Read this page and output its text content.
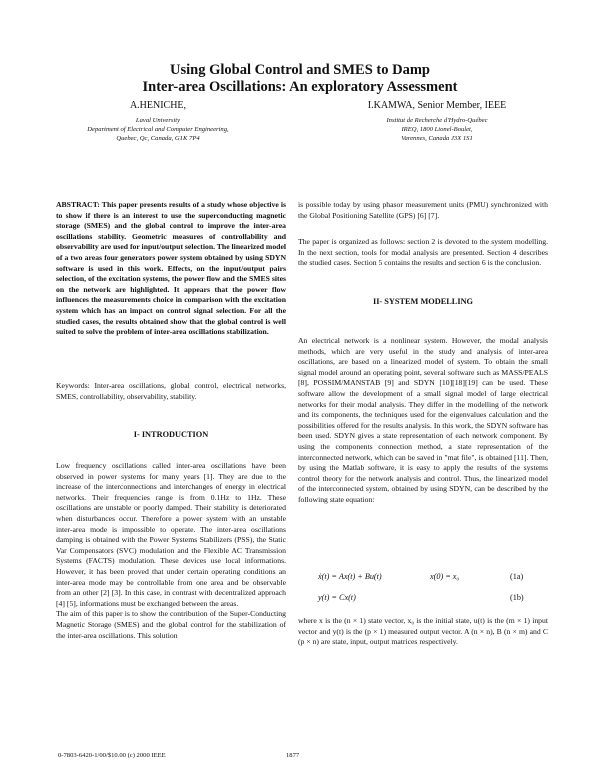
Using Global Control and SMES to Damp
Inter-area Oscillations: An exploratory Assessment
A.HENICHE,
Laval University
Department of Electrical and Computer Engineering,
Quebec, Qc, Canada, G1K 7P4
I.KAMWA, Senior Member, IEEE
Institut de Recherche d'Hydro-Québec
IREQ, 1800 Lionel-Boulet,
Varennes, Canada J3X 1S1

ABSTRACT: This paper presents results of a study whose objective is to show if there is an interest to use the superconducting magnetic storage (SMES) and the global control to improve the inter-area oscillations stability. Geometric measures of controllability and observability are used for input/output selection. The linearized model of a two areas four generators power system obtained by using SDYN software is used in this work. Effects, on the input/output pairs selection, of the excitation systems, the power flow and the SMES sites on the network are highlighted. It appears that the power flow influences the measurements choice in comparison with the excitation system which has an impact on control signal selection. For all the studied cases, the results obtained show that the global control is well suited to solve the problem of inter-area oscillations stabilization.

Keywords: Inter-area oscillations, global control, electrical networks, SMES, controllability, observability, stability.

I- INTRODUCTION

Low frequency oscillations called inter-area oscillations have been observed in power systems for many years [1]. They are due to the increase of the interconnections and interchanges of energy in electrical networks. Their frequencies range is from 0.1Hz to 1Hz. These oscillations are unstable or poorly damped. Their stability is deteriorated when disturbances occur. Therefore a power system with an unstable inter-area mode is impossible to operate. The inter-area oscillations damping is obtained with the Power Systems Stabilizers (PSS), the Static Var Compensators (SVC) modulation and the Flexible AC Transmission Systems (FACTS) modulation. These devices use local informations. However, it has been proved that under certain operating conditions an inter-area mode may be controllable from one area and be observable from an other [2] [3]. In this case, in contrast with decentralized approach [4] [5], informations must be exchanged between the areas.

The aim of this paper is to show the contribution of the Super-Conducting Magnetic Storage (SMES) and the global control for the stabilization of the inter-area oscillations. This solution

is possible today by using phasor measurement units (PMU) synchronized with the Global Positioning Satellite (GPS) [6] [7].

The paper is organized as follows: section 2 is devoted to the system modelling. In the next section, tools for modal analysis are presented. Section 4 describes the studied cases. Section 5 contains the results and section 6 is the conclusion.

II- SYSTEM MODELLING

An electrical network is a nonlinear system. However, the modal analysis methods, which are very useful in the study and analysis of inter-area oscillations, are based on a linearized model of system. To obtain the small signal model around an operating point, several software such as MASS/PEALS [8], POSSIM/MANSTAB [9] and SDYN [10][18][19] can be used. These software allow the development of a small signal model of large electrical networks for their modal analysis. They differ in the modelling of the network and its components, the techniques used for the eigenvalues calculation and the possibilities offered for the results analysis. In this work, the SDYN software has been used. SDYN gives a state representation of each network component. By using the components connection method, a state representation of the interconnected network, which can be saved in "mat file", is obtained [11]. Then, by using the Matlab software, it is easy to apply the results of the systems control theory for the network analysis and control. Thus, the linearized model of the interconnected system, obtained by using SDYN, can be described by the following state equation:

ẋ(t) = Ax(t) + Bu(t)	x(0) = x₀	(1a)
y(t) = Cx(t)	(1b)

where x is the (n × 1) state vector, x₀ is the initial state, u(t) is the (m × 1) input vector and y(t) is the (p × 1) measured output vector. A (n × n), B (n × m) and C (p × n) are state, input, output matrices respectively.

0-7803-6420-1/00/$10.00 (c) 2000 IEEE	1877
